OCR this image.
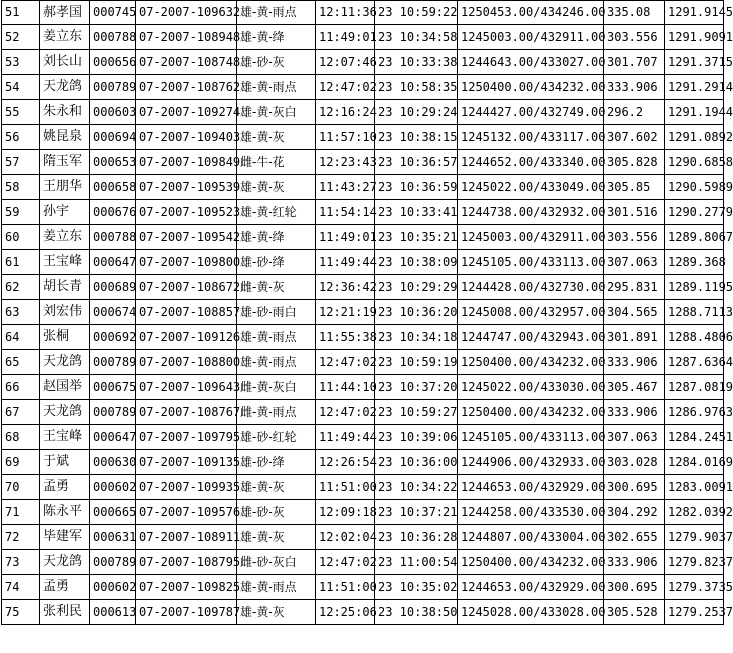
51	郝孝国	000745	07-2007-109632	雄-黄-雨点	12:11:36	23 10:59:22	1250453.00/434246.00	335.08	1291.9145
52	姜立东	000788	07-2007-108948	雄-黄-绛	11:49:01	23 10:34:58	1245003.00/432911.00	303.556	1291.9091
53	刘长山	000656	07-2007-108748	雄-砂-灰	12:07:46	23 10:33:38	1244643.00/433027.00	301.707	1291.3715
54	天龙鸽	000789	07-2007-108762	雄-黄-雨点	12:47:02	23 10:58:35	1250400.00/434232.00	333.906	1291.2914
55	朱永和	000603	07-2007-109274	雄-黄-灰白	12:16:24	23 10:29:24	1244427.00/432749.00	296.2	1291.1944
56	姚昆泉	000694	07-2007-109403	雄-黄-灰	11:57:10	23 10:38:15	1245132.00/433117.00	307.602	1291.0892
57	隋玉军	000653	07-2007-109849	雌-牛-花	12:23:43	23 10:36:57	1244652.00/433340.00	305.828	1290.6858
58	王朋华	000658	07-2007-109539	雄-黄-灰	11:43:27	23 10:36:59	1245022.00/433049.00	305.85	1290.5989
59	孙宇	000676	07-2007-109523	雄-黄-红轮	11:54:14	23 10:33:41	1244738.00/432932.00	301.516	1290.2779
60	姜立东	000788	07-2007-109542	雄-黄-绛	11:49:01	23 10:35:21	1245003.00/432911.00	303.556	1289.8067
61	王宝峰	000647	07-2007-109800	雄-砂-绛	11:49:44	23 10:38:09	1245105.00/433113.00	307.063	1289.368
62	胡长青	000689	07-2007-108672	雌-黄-灰	12:36:42	23 10:29:29	1244428.00/432730.00	295.831	1289.1195
63	刘宏伟	000674	07-2007-108857	雄-砂-雨白	12:21:19	23 10:36:20	1245008.00/432957.00	304.565	1288.7113
64	张桐	000692	07-2007-109126	雄-黄-雨点	11:55:38	23 10:34:18	1244747.00/432943.00	301.891	1288.4806
65	天龙鸽	000789	07-2007-108800	雄-黄-雨点	12:47:02	23 10:59:19	1250400.00/434232.00	333.906	1287.6364
66	赵国举	000675	07-2007-109643	雌-黄-灰白	11:44:10	23 10:37:20	1245022.00/433030.00	305.467	1287.0819
67	天龙鸽	000789	07-2007-108767	雌-黄-雨点	12:47:02	23 10:59:27	1250400.00/434232.00	333.906	1286.9763
68	王宝峰	000647	07-2007-109795	雄-砂-红轮	11:49:44	23 10:39:06	1245105.00/433113.00	307.063	1284.2451
69	于斌	000630	07-2007-109135	雄-砂-绛	12:26:54	23 10:36:00	1244906.00/432933.00	303.028	1284.0169
70	孟勇	000602	07-2007-109935	雄-黄-灰	11:51:00	23 10:34:22	1244653.00/432929.00	300.695	1283.0091
71	陈永平	000665	07-2007-109576	雄-砂-灰	12:09:18	23 10:37:21	1244258.00/433530.00	304.292	1282.0392
72	毕建军	000631	07-2007-108911	雄-黄-灰	12:02:04	23 10:36:28	1244807.00/433004.00	302.655	1279.9037
73	天龙鸽	000789	07-2007-108795	雌-砂-灰白	12:47:02	23 11:00:54	1250400.00/434232.00	333.906	1279.8237
74	孟勇	000602	07-2007-109825	雄-黄-雨点	11:51:00	23 10:35:02	1244653.00/432929.00	300.695	1279.3735
75	张利民	000613	07-2007-109787	雄-黄-灰	12:25:06	23 10:38:50	1245028.00/433028.00	305.528	1279.2537
